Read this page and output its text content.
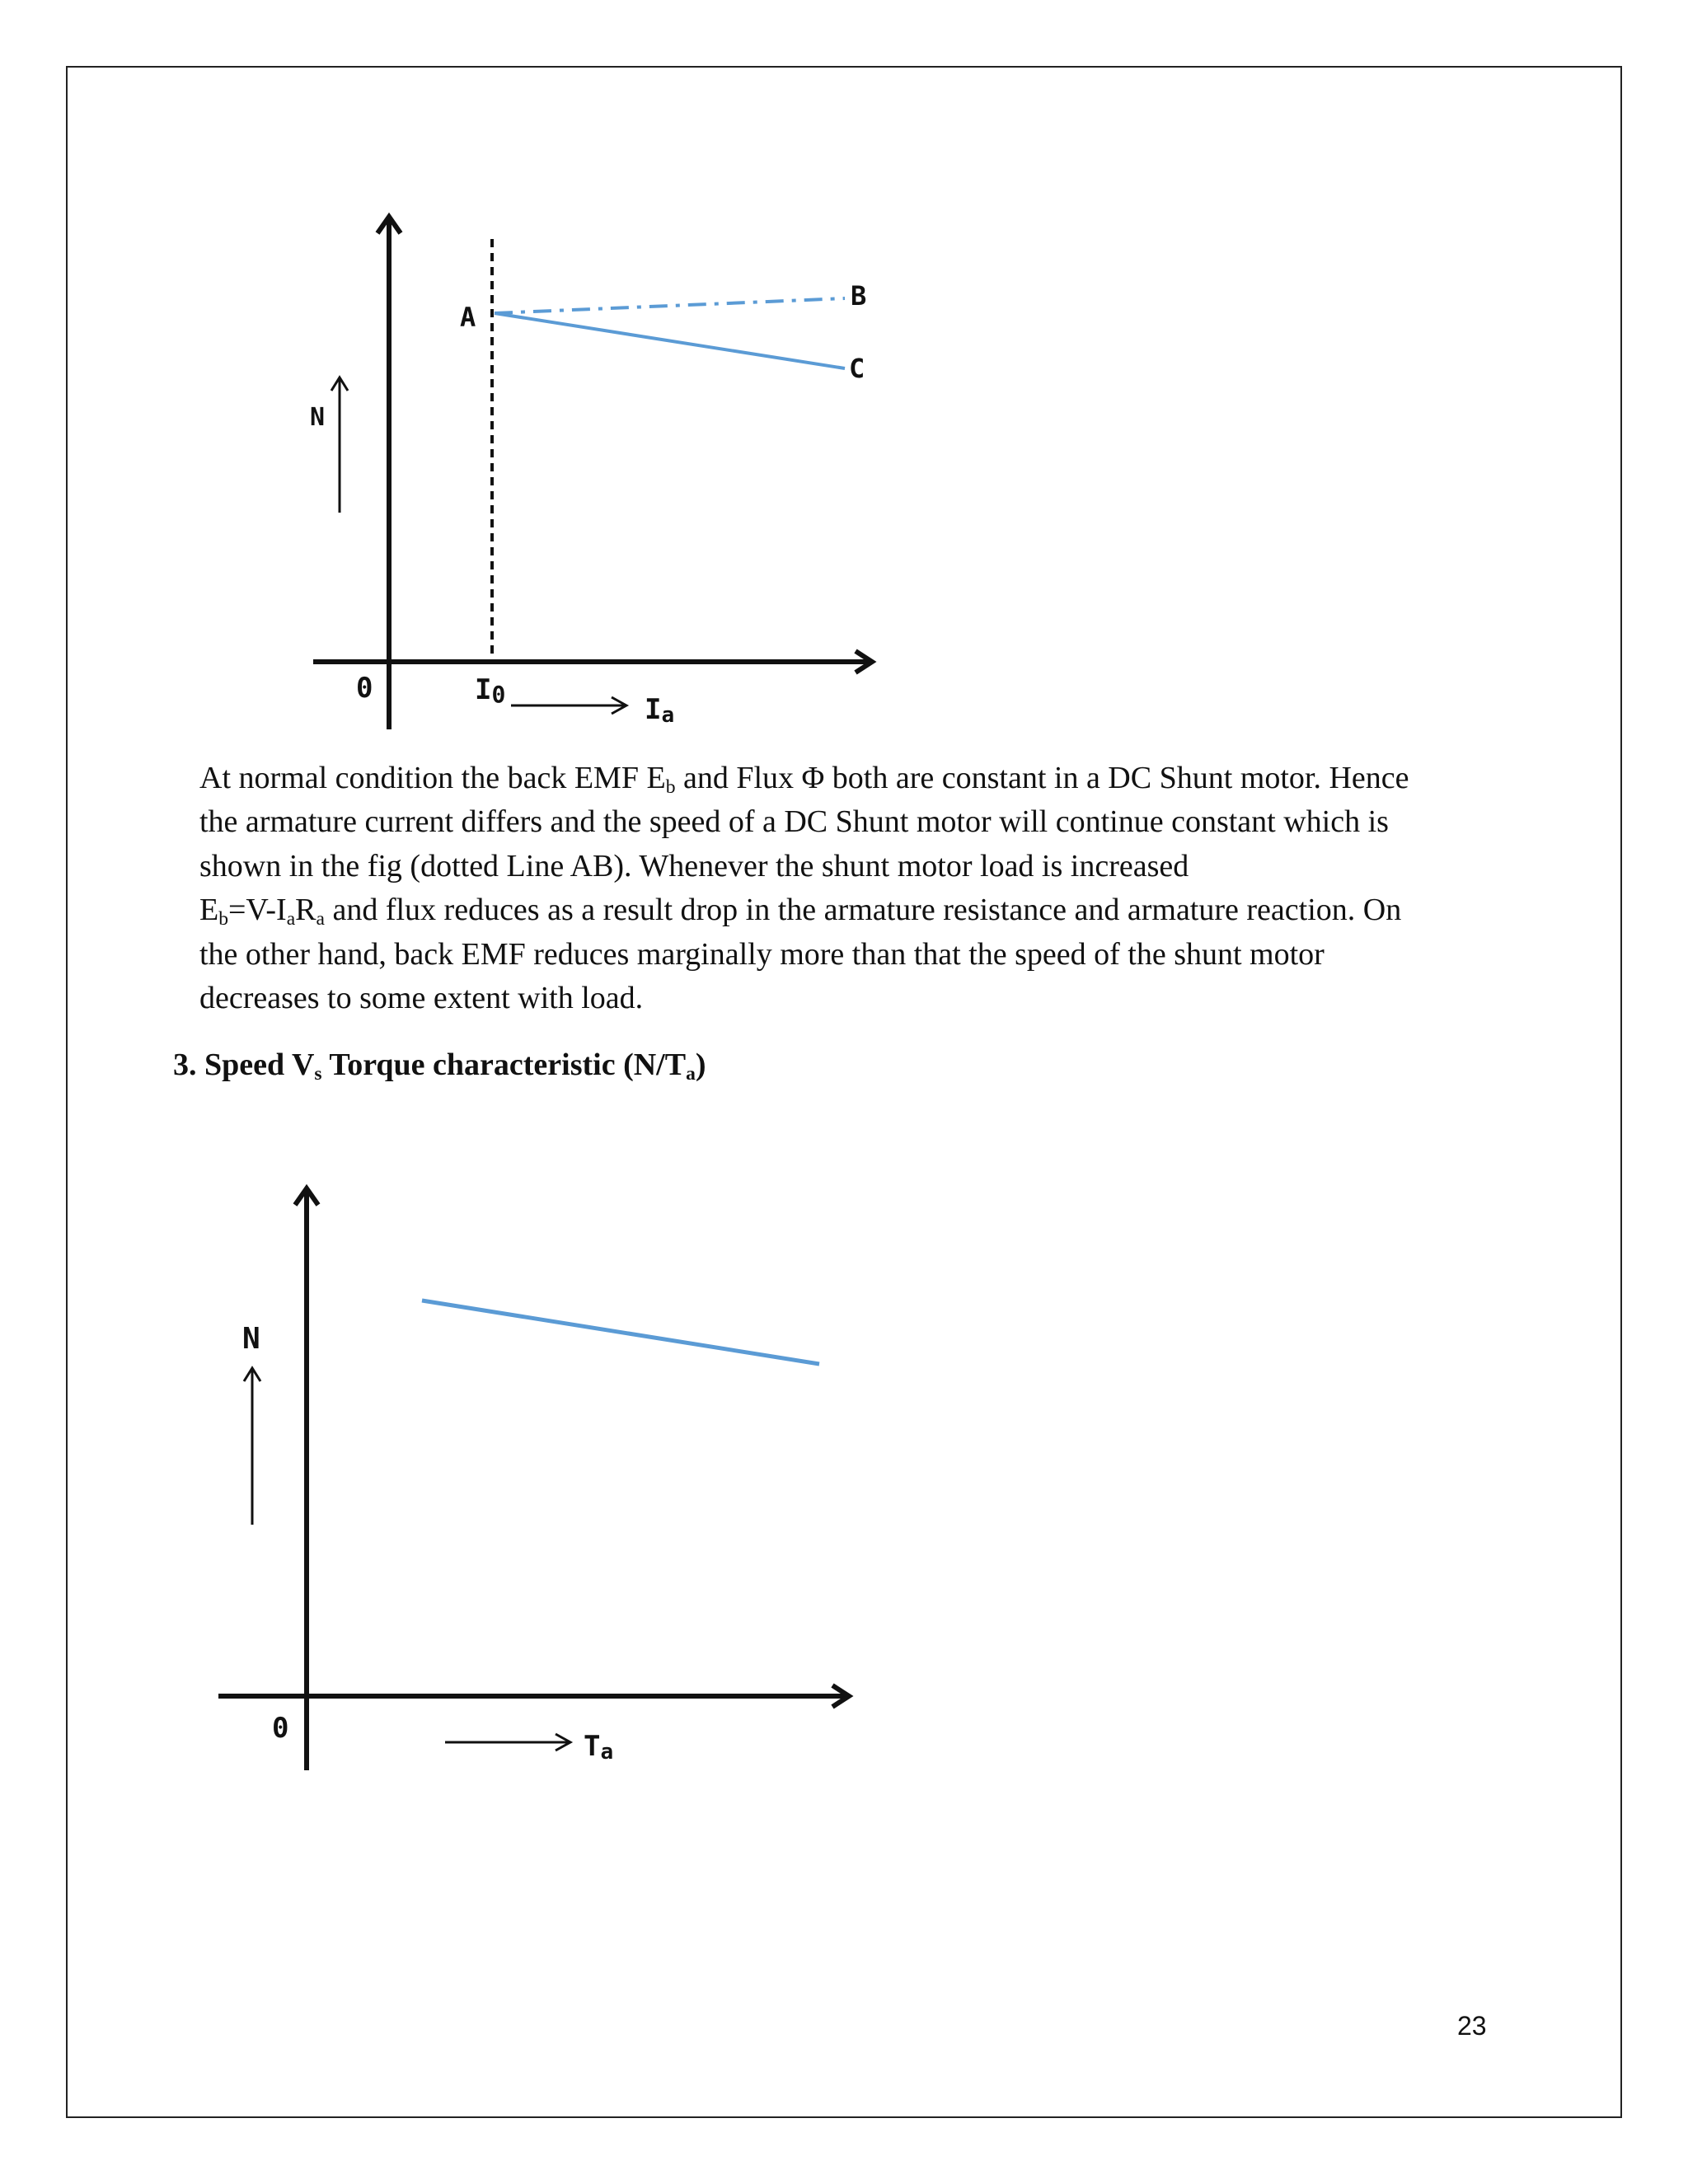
A
B
C
N
0	I0	Ia
At normal condition the back EMF $E_b$ and Flux Φ both are constant in a DC Shunt motor. Hence
the armature current differs and the speed of a DC Shunt motor will continue constant which is
shown in the fig (dotted Line AB). Whenever the shunt motor load is increased
$E_b=V-I_aR_a$ and flux reduces as a result drop in the armature resistance and armature reaction. On
the other hand, back EMF reduces marginally more than that the speed of the shunt motor
decreases to some extent with load.
3. Speed $V_s$ Torque characteristic $(N/T_a)$
N
0
Ta
23
